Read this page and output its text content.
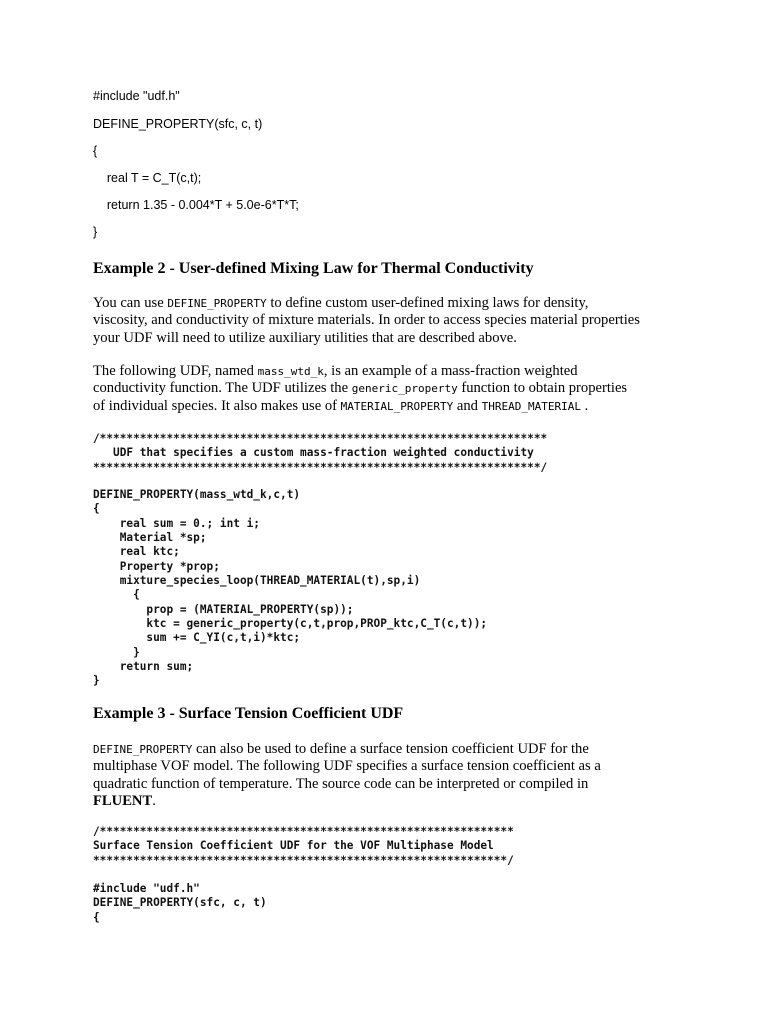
#include "udf.h"
DEFINE_PROPERTY(sfc, c, t)
{
real T = C_T(c,t);
return 1.35 - 0.004*T + 5.0e-6*T*T;
}
Example 2 - User-defined Mixing Law for Thermal Conductivity

You can use DEFINE_PROPERTY to define custom user-defined mixing laws for density,

viscosity, and conductivity of mixture materials. In order to access species material properties

your UDF will need to utilize auxiliary utilities that are described above.

The following UDF, named mass_wtd_k, is an example of a mass-fraction weighted

conductivity function. The UDF utilizes the generic_property function to obtain properties

of individual species. It also makes use of MATERIAL_PROPERTY and THREAD_MATERIAL .

/*******************************************************************
UDF that specifies a custom mass-fraction weighted conductivity
*******************************************************************/
DEFINE_PROPERTY(mass_wtd_k,c,t)
{
real sum = 0.; int i;
Material *sp;
real ktc;
Property *prop;
mixture_species_loop(THREAD_MATERIAL(t),sp,i)
{
prop = (MATERIAL_PROPERTY(sp));
ktc = generic_property(c,t,prop,PROP_ktc,C_T(c,t));
sum += C_YI(c,t,i)*ktc;
}
return sum;
}
Example 3 - Surface Tension Coefficient UDF

DEFINE_PROPERTY can also be used to define a surface tension coefficient UDF for the

multiphase VOF model. The following UDF specifies a surface tension coefficient as a

quadratic function of temperature. The source code can be interpreted or compiled in

FLUENT.

/**************************************************************
Surface Tension Coefficient UDF for the VOF Multiphase Model
**************************************************************/
#include "udf.h"
DEFINE_PROPERTY(sfc, c, t)
{
